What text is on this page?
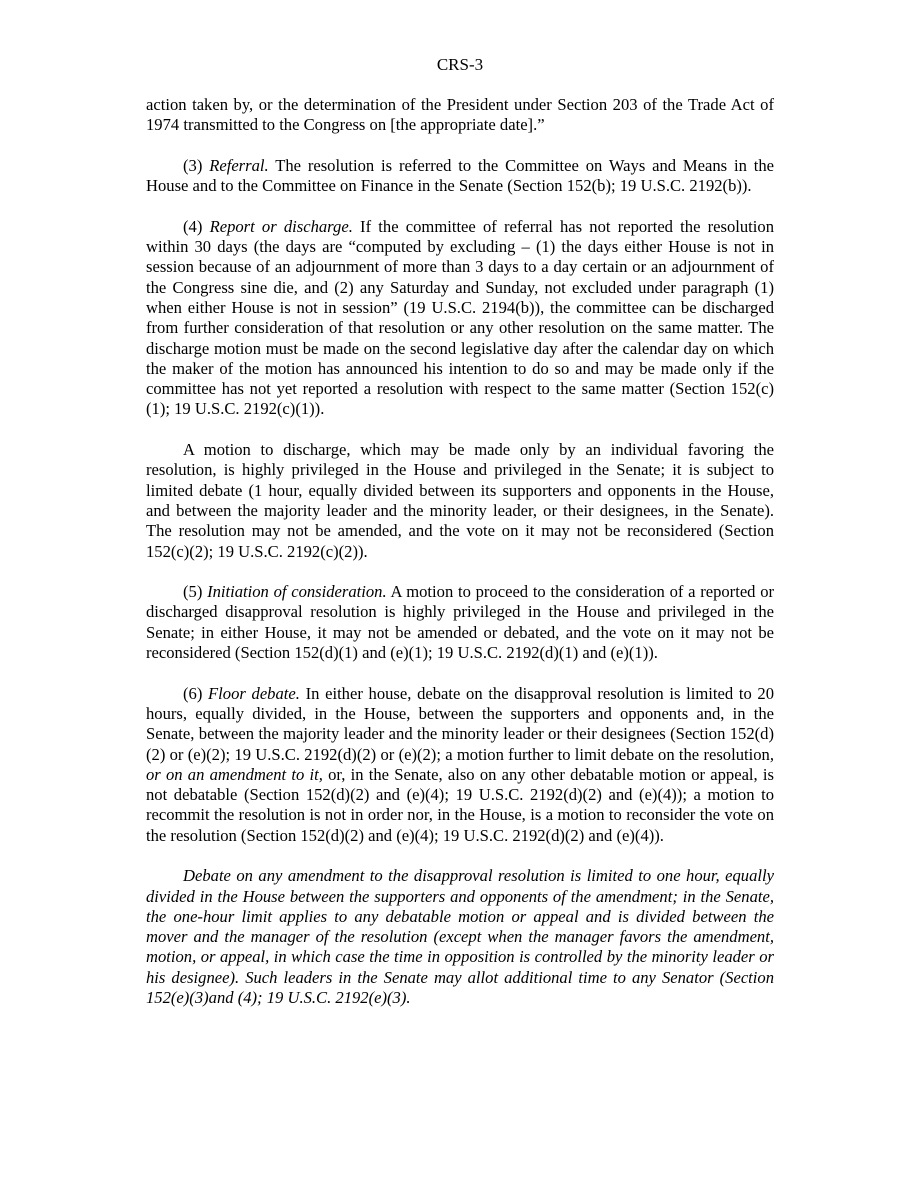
CRS-3

action taken by, or the determination of the President under Section 203 of the Trade Act of 1974 transmitted to the Congress on [the appropriate date].”

(3) Referral. The resolution is referred to the Committee on Ways and Means in the House and to the Committee on Finance in the Senate (Section 152(b); 19 U.S.C. 2192(b)).

(4) Report or discharge. If the committee of referral has not reported the resolution within 30 days (the days are “computed by excluding – (1) the days either House is not in session because of an adjournment of more than 3 days to a day certain or an adjournment of the Congress sine die, and (2) any Saturday and Sunday, not excluded under paragraph (1) when either House is not in session” (19 U.S.C. 2194(b)), the committee can be discharged from further consideration of that resolution or any other resolution on the same matter. The discharge motion must be made on the second legislative day after the calendar day on which the maker of the motion has announced his intention to do so and may be made only if the committee has not yet reported a resolution with respect to the same matter (Section 152(c)(1); 19 U.S.C. 2192(c)(1)).

A motion to discharge, which may be made only by an individual favoring the resolution, is highly privileged in the House and privileged in the Senate; it is subject to limited debate (1 hour, equally divided between its supporters and opponents in the House, and between the majority leader and the minority leader, or their designees, in the Senate). The resolution may not be amended, and the vote on it may not be reconsidered (Section 152(c)(2); 19 U.S.C. 2192(c)(2)).

(5) Initiation of consideration. A motion to proceed to the consideration of a reported or discharged disapproval resolution is highly privileged in the House and privileged in the Senate; in either House, it may not be amended or debated, and the vote on it may not be reconsidered (Section 152(d)(1) and (e)(1); 19 U.S.C. 2192(d)(1) and (e)(1)).

(6) Floor debate. In either house, debate on the disapproval resolution is limited to 20 hours, equally divided, in the House, between the supporters and opponents and, in the Senate, between the majority leader and the minority leader or their designees (Section 152(d)(2) or (e)(2); 19 U.S.C. 2192(d)(2) or (e)(2); a motion further to limit debate on the resolution, or on an amendment to it, or, in the Senate, also on any other debatable motion or appeal, is not debatable (Section 152(d)(2) and (e)(4); 19 U.S.C. 2192(d)(2) and (e)(4)); a motion to recommit the resolution is not in order nor, in the House, is a motion to reconsider the vote on the resolution (Section 152(d)(2) and (e)(4); 19 U.S.C. 2192(d)(2) and (e)(4)).

Debate on any amendment to the disapproval resolution is limited to one hour, equally divided in the House between the supporters and opponents of the amendment; in the Senate, the one-hour limit applies to any debatable motion or appeal and is divided between the mover and the manager of the resolution (except when the manager favors the amendment, motion, or appeal, in which case the time in opposition is controlled by the minority leader or his designee). Such leaders in the Senate may allot additional time to any Senator (Section 152(e)(3)and (4); 19 U.S.C. 2192(e)(3).
